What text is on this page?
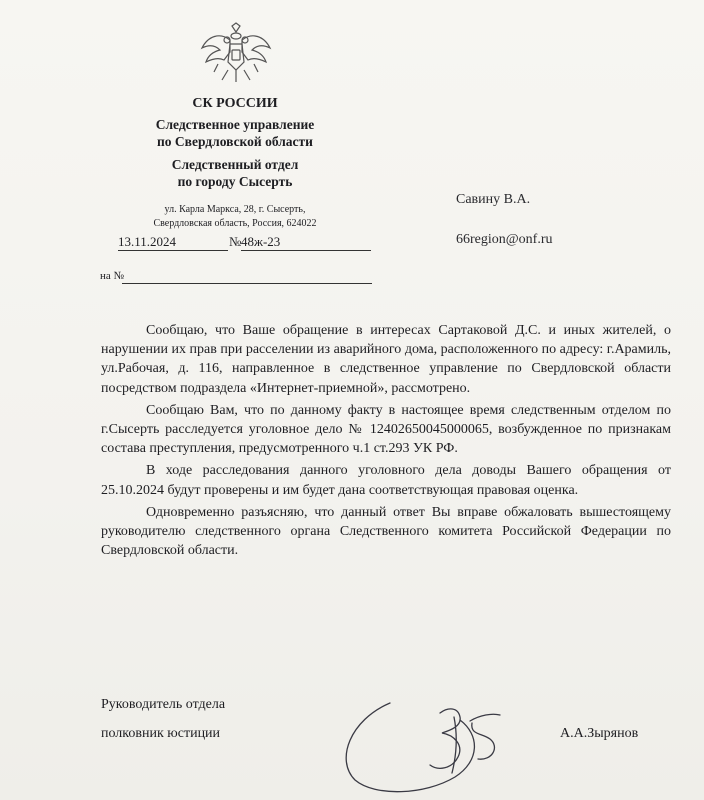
СК РОССИИ
Следственное управление
по Свердловской области
Следственный отдел
по городу Сысерть
ул. Карла Маркса, 28, г. Сысерть,
Свердловская область, Россия, 624022
13.11.2024	№ 48ж-23
на №
Савину В.А.
66region@onf.ru

Сообщаю, что Ваше обращение в интересах Сартаковой Д.С. и иных жителей, о нарушении их прав при расселении из аварийного дома, расположенного по адресу: г.Арамиль, ул.Рабочая, д. 116, направленное в следственное управление по Свердловской области посредством подраздела «Интернет-приемной», рассмотрено.

Сообщаю Вам, что по данному факту в настоящее время следственным отделом по г.Сысерть расследуется уголовное дело № 12402650045000065, возбужденное по признакам состава преступления, предусмотренного ч.1 ст.293 УК РФ.

В ходе расследования данного уголовного дела доводы Вашего обращения от 25.10.2024 будут проверены и им будет дана соответствующая правовая оценка.

Одновременно разъясняю, что данный ответ Вы вправе обжаловать вышестоящему руководителю следственного органа Следственного комитета Российской Федерации по Свердловской области.

Руководитель отдела
полковник юстиции	А.А.Зырянов
